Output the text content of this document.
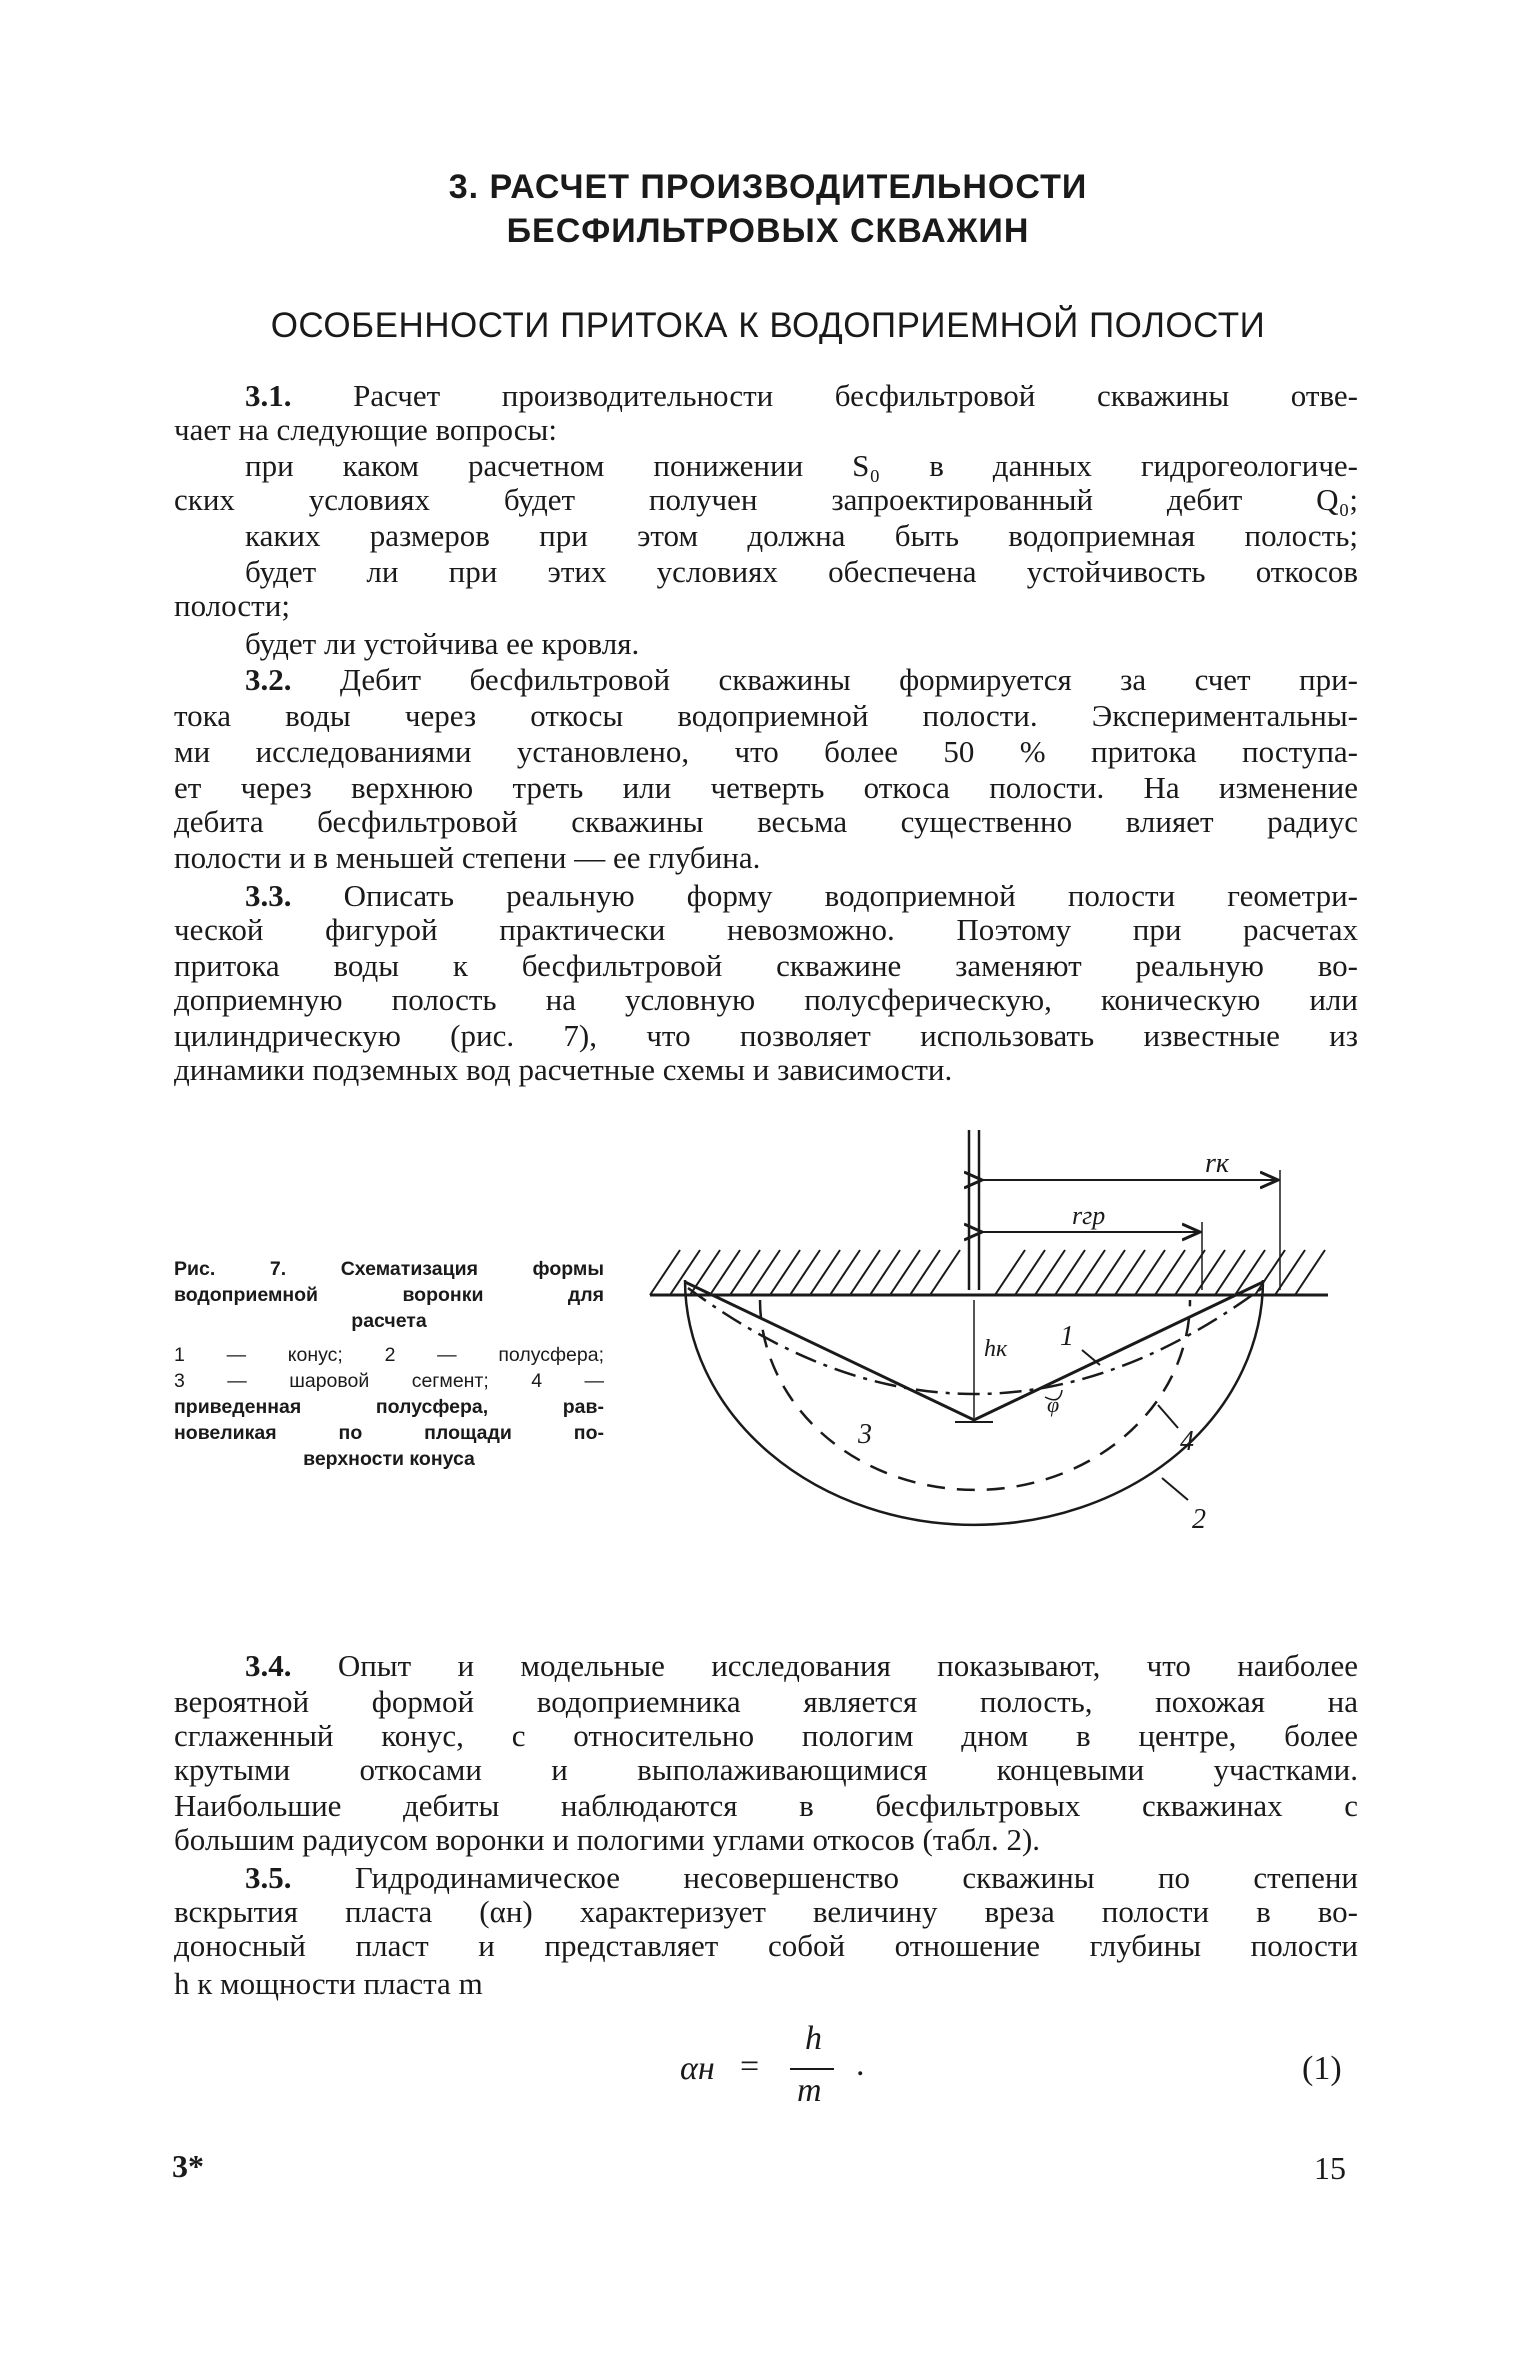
3. РАСЧЕТ ПРОИЗВОДИТЕЛЬНОСТИ
БЕСФИЛЬТРОВЫХ СКВАЖИН
ОСОБЕННОСТИ ПРИТОКА К ВОДОПРИЕМНОЙ ПОЛОСТИ
3.1. Расчет производительности бесфильтровой скважины отве-
чает на следующие вопросы:
при каком расчетном понижении S₀ в данных гидрогеологиче-
ских условиях будет получен запроектированный дебит Q₀;
каких размеров при этом должна быть водоприемная полость;
будет ли при этих условиях обеспечена устойчивость откосов
полости;
будет ли устойчива ее кровля.
3.2. Дебит бесфильтровой скважины формируется за счет при-
тока воды через откосы водоприемной полости. Экспериментальны-
ми исследованиями установлено, что более 50 % притока поступа-
ет через верхнюю треть или четверть откоса полости. На изменение
дебита бесфильтровой скважины весьма существенно влияет радиус
полости и в меньшей степени — ее глубина.
3.3. Описать реальную форму водоприемной полости геометри-
ческой фигурой практически невозможно. Поэтому при расчетах
притока воды к бесфильтровой скважине заменяют реальную во-
доприемную полость на условную полусферическую, коническую или
цилиндрическую (рис. 7), что позволяет использовать известные из
динамики подземных вод расчетные схемы и зависимости.
Рис. 7. Схематизация формы
водоприемной воронки для
расчета
1 — конус; 2 — полусфера;
3 — шаровой сегмент; 4 —
приведенная полусфера, рав-
новеликая по площади по-
верхности конуса
rк
rгр
hк
φ
1
2
3	4
3.4. Опыт и модельные исследования показывают, что наиболее
вероятной формой водоприемника является полость, похожая на
сглаженный конус, с относительно пологим дном в центре, более
крутыми откосами и выполаживающимися концевыми участками.
Наибольшие дебиты наблюдаются в бесфильтровых скважинах с
большим радиусом воронки и пологими углами откосов (табл. 2).
3.5. Гидродинамическое несовершенство скважины по степени
вскрытия пласта (αн) характеризует величину вреза полости в во-
доносный пласт и представляет собой отношение глубины полости
h к мощности пласта m
αн =
h
m
.	(1)
3*	15
